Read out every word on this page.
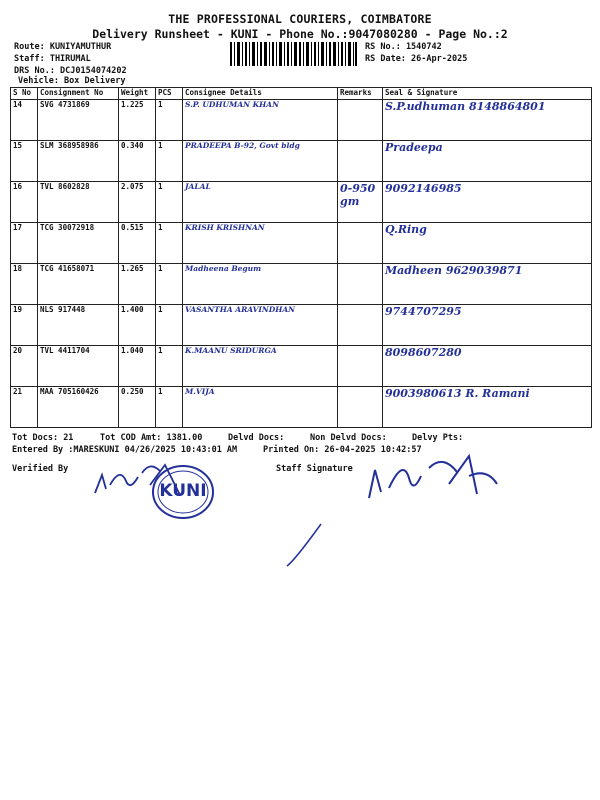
THE PROFESSIONAL COURIERS, COIMBATORE
Delivery Runsheet - KUNI - Phone No.:9047080280 - Page No.:2
Route: KUNIYAMUTHUR
Staff: THIRUMAL
DRS No.: DCJ0154074202
Vehicle: Box Delivery
RS No.: 1540742
RS Date: 26-Apr-2025
S No	Consignment No	Weight	PCS	Consignee Details	Remarks	Seal & Signature
14	SVG 4731869	1.225	1	S.P. UDHUMAN KHAN		S.P.udhuman 8148864801
15	SLM 368958986	0.340	1	PRADEEPA B-92, Govt bldg		Pradeepa
16	TVL 8602828	2.075	1	JALAL	0-950 gm	9092146985
17	TCG 30072918	0.515	1	KRISH KRISHNAN		Q.Ring
18	TCG 41658071	1.265	1	Madheena Begum		Madheen 9629039871
19	NLS 917448	1.400	1	VASANTHA ARAVINDHAN		9744707295
20	TVL 4411704	1.040	1	K.MAANU SRIDURGA		8098607280
21	MAA 705160426	0.250	1	M.VIJA		9003980613 R. Ramani
Tot Docs: 21	Tot COD Amt: 1381.00	Delvd Docs:	Non Delvd Docs:	Delvy Pts:
Entered By :MARESKUNI 04/26/2025 10:43:01 AM	Printed On: 26-04-2025 10:42:57
Verified By	Staff Signature
KUNI
